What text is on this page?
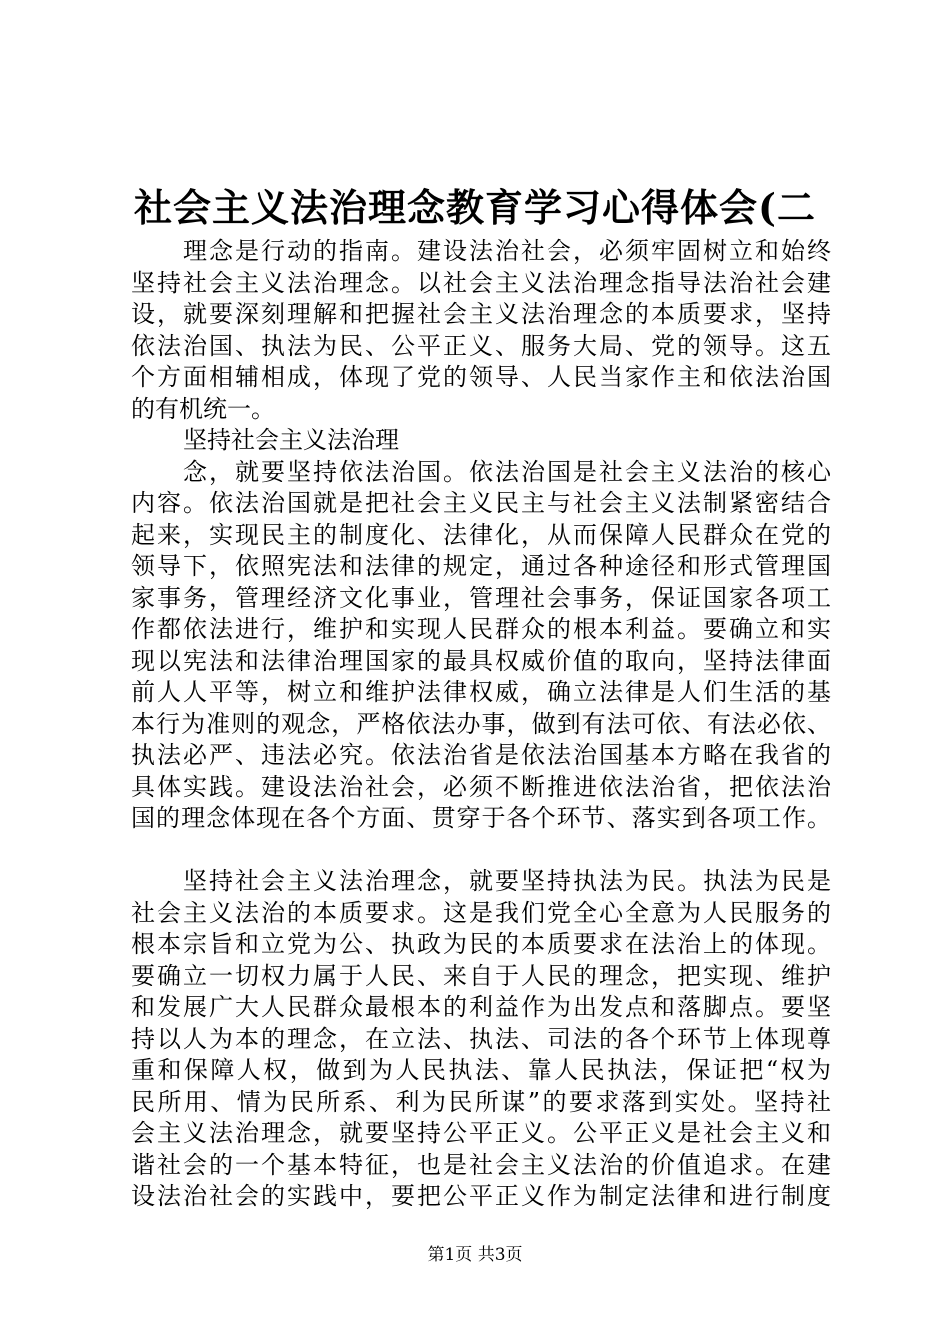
社会主义法治理念教育学习心得体会(二
理念是行动的指南。建设法治社会，必须牢固树立和始终
坚持社会主义法治理念。以社会主义法治理念指导法治社会建
设，就要深刻理解和把握社会主义法治理念的本质要求，坚持
依法治国、执法为民、公平正义、服务大局、党的领导。这五
个方面相辅相成，体现了党的领导、人民当家作主和依法治国
的有机统一。
坚持社会主义法治理
念，就要坚持依法治国。依法治国是社会主义法治的核心
内容。依法治国就是把社会主义民主与社会主义法制紧密结合
起来，实现民主的制度化、法律化，从而保障人民群众在党的
领导下，依照宪法和法律的规定，通过各种途径和形式管理国
家事务，管理经济文化事业，管理社会事务，保证国家各项工
作都依法进行，维护和实现人民群众的根本利益。要确立和实
现以宪法和法律治理国家的最具权威价值的取向，坚持法律面
前人人平等，树立和维护法律权威，确立法律是人们生活的基
本行为准则的观念，严格依法办事，做到有法可依、有法必依、
执法必严、违法必究。依法治省是依法治国基本方略在我省的
具体实践。建设法治社会，必须不断推进依法治省，把依法治
国的理念体现在各个方面、贯穿于各个环节、落实到各项工作。
坚持社会主义法治理念，就要坚持执法为民。执法为民是
社会主义法治的本质要求。这是我们党全心全意为人民服务的
根本宗旨和立党为公、执政为民的本质要求在法治上的体现。
要确立一切权力属于人民、来自于人民的理念，把实现、维护
和发展广大人民群众最根本的利益作为出发点和落脚点。要坚
持以人为本的理念，在立法、执法、司法的各个环节上体现尊
重和保障人权，做到为人民执法、靠人民执法，保证把“权为
民所用、情为民所系、利为民所谋”的要求落到实处。坚持社
会主义法治理念，就要坚持公平正义。公平正义是社会主义和
谐社会的一个基本特征，也是社会主义法治的价值追求。在建
设法治社会的实践中，要把公平正义作为制定法律和进行制度
第1页 共3页
